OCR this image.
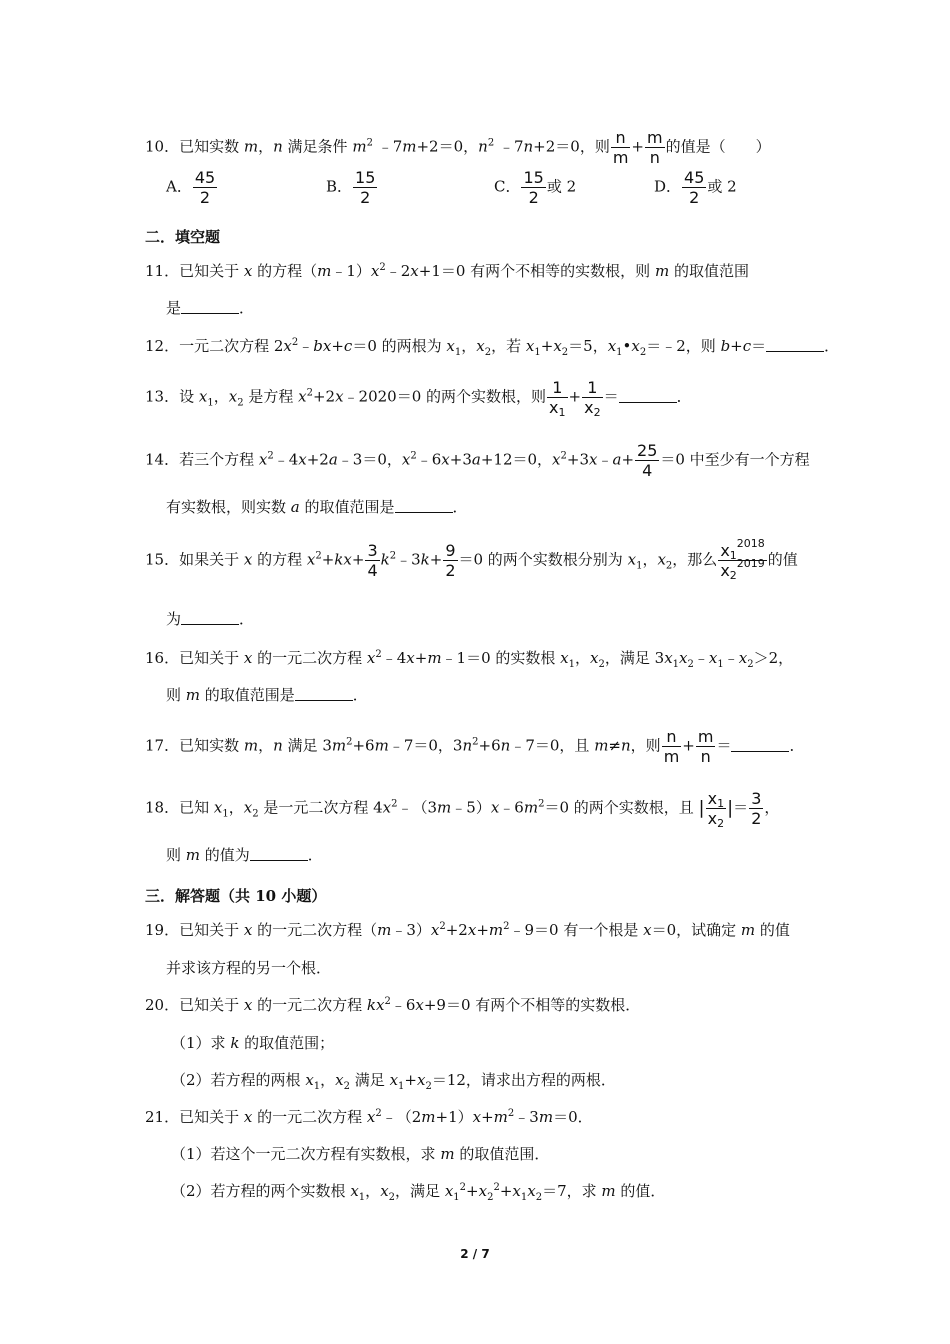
10．已知实数 m，n 满足条件 $m^2$ ﹣7m+2＝0，$n^2$ ﹣7n+2＝0，则 $\frac{n}{m} + \frac{m}{n}$ 的值是（　　）
A． $\frac{45}{2}$	B． $\frac{15}{2}$	C． $\frac{15}{2}$ 或 2	D． $\frac{45}{2}$ 或 2
二．填空题
11．已知关于 x 的方程$(m﹣1)x^2﹣2x+1=0$ 有两个不相等的实数根，则 m 的取值范围
是	．
12．一元二次方程 $2x^2﹣bx+c=0$ 的两根为 $x_1$，$x_2$，若 $x_1+x_2=5$，$x_1•x_2=﹣2$，则 b+c＝	．
13．设 $x_1$，$x_2$ 是方程 $x^2+2x﹣2020=0$ 的两个实数根，则 $\frac{1}{x_1} + \frac{1}{x_2}$ ＝	．
14．若三个方程 $x^2﹣4x+2a﹣3=0$，$x^2﹣6x+3a+12=0$，$x^2+3x﹣a+ \frac{25}{4} =0$ 中至少有一个方程
有实数根，则实数 a 的取值范围是	．
15．如果关于 x 的方程 $x^2+kx+ \frac{3}{4}$ $k^2﹣3k+ \frac{9}{2} =0$ 的两个实数根分别为 $x_1$，$x_2$，那么 $\frac{x_1^{2018}}{x_2^{2019}}$ 的值
为	．
16．已知关于 x 的一元二次方程 $x^2﹣4x+m﹣1=0$ 的实数根 $x_1$，$x_2$，满足 $3x_1x_2﹣x_1﹣x_2>2$，
则 m 的取值范围是	．
17．已知实数 m，n 满足 $3m^2+6m﹣7=0$，$3n^2+6n﹣7=0$，且 m≠n，则 $\frac{n}{m} + \frac{m}{n}$ ＝	．
18．已知 $x_1$，$x_2$ 是一元二次方程 $4x^2﹣(3m﹣5)x﹣6m^2=0$ 的两个实数根，且 | $\frac{x_1}{x_2}$ |＝ $\frac{3}{2}$ ，
则 m 的值为	．
三．解答题（共 10 小题）
19．已知关于 x 的一元二次方程$(m﹣3)x^2+2x+m^2﹣9=0$ 有一个根是 x＝0，试确定 m 的值
并求该方程的另一个根．
20．已知关于 x 的一元二次方程 $kx^2﹣6x+9=0$ 有两个不相等的实数根．
（1）求 k 的取值范围；
（2）若方程的两根 $x_1$，$x_2$ 满足 $x_1+x_2=12$，请求出方程的两根．
21．已知关于 x 的一元二次方程 $x^2﹣(2m+1)x+m^2﹣3m=0$．
（1）若这个一元二次方程有实数根，求 m 的取值范围．
（2）若方程的两个实数根 $x_1$，$x_2$，满足 $x_1^2+x_2^2+x_1x_2=7$，求 m 的值．
2 / 7
